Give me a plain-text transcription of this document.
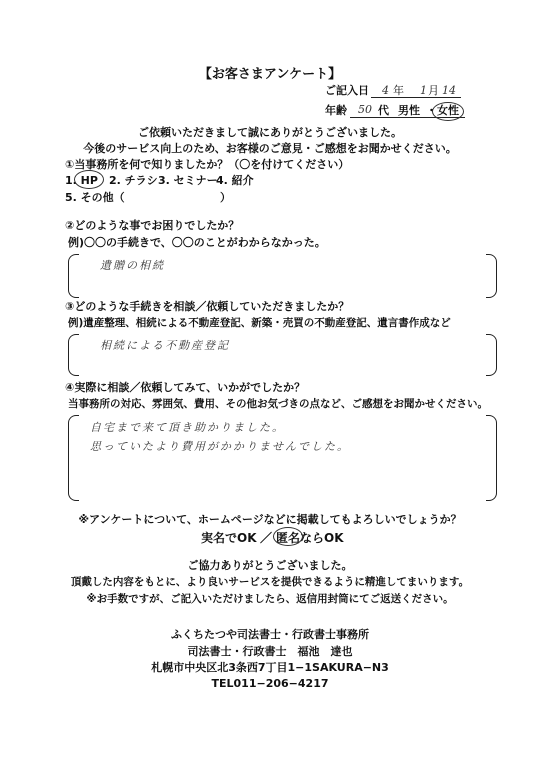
【お客さまアンケート】
ご記入日 4 年 1 月 14
年齢 50 代 男性 ・ 女性
ご依頼いただきまして誠にありがとうございました。
今後のサービス向上のため、お客様のご意見・ご感想をお聞かせください。
①当事務所を何で知りましたか？（〇を付けてください）
1. HP 2. チラシ 3. セミナー
4. 紹介
5. その他（	）
②どのような事でお困りでしたか？
例)〇〇の手続きで、〇〇のことがわからなかった。
遺贈の相続
③どのような手続きを相談／依頼していただきましたか？
例)遺産整理、相続による不動産登記、新築・売買の不動産登記、遺言書作成など
相続による不動産登記
④実際に相談／依頼してみて、いかがでしたか？
当事務所の対応、雰囲気、費用、その他お気づきの点など、ご感想をお聞かせください。
自宅まで来て頂き助かりました。
思っていたより費用がかかりませんでした。
※アンケートについて、ホームページなどに掲載してもよろしいでしょうか？
実名でOK ／ 匿名ならOK
ご協力ありがとうございました。
頂戴した内容をもとに、より良いサービスを提供できるように精進してまいります。
※お手数ですが、ご記入いただけましたら、返信用封筒にてご返送ください。
ふくちたつや司法書士・行政書士事務所
司法書士・行政書士　福池　達也
札幌市中央区北3条西7丁目1−1SAKURA−N3
TEL011−206−4217
